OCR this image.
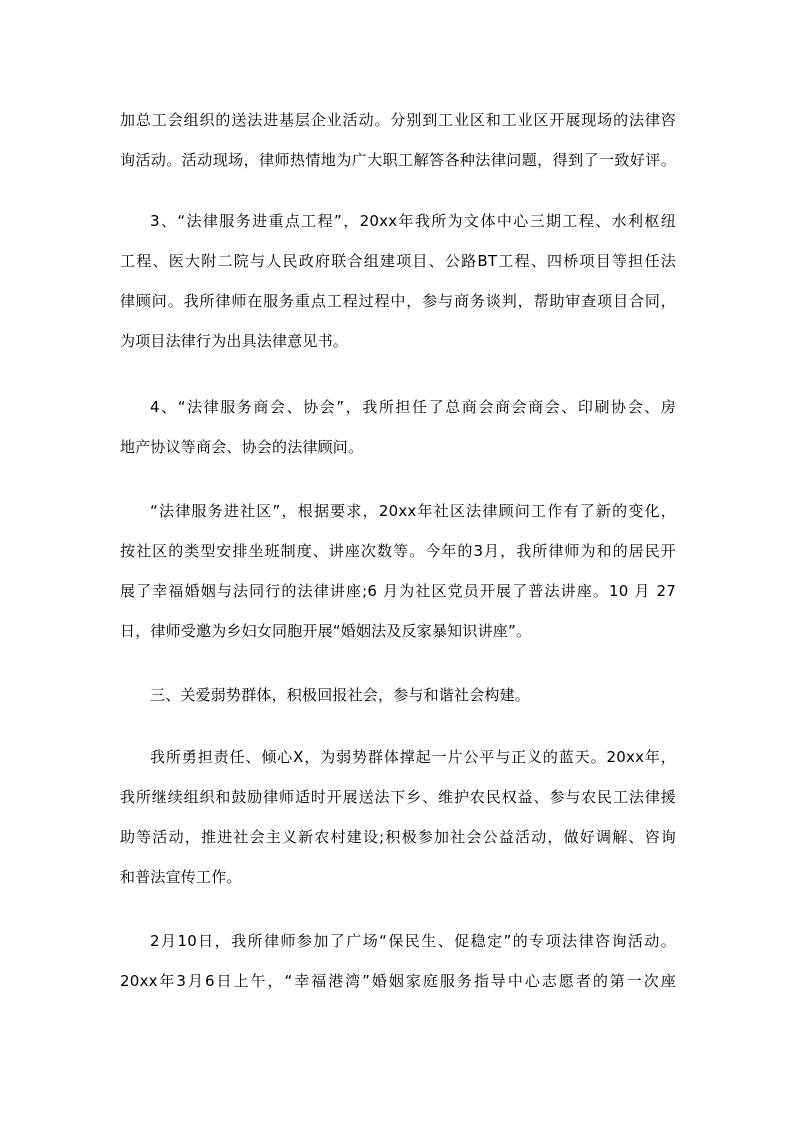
加总工会组织的送法进基层企业活动。分别到工业区和工业区开展现场的法律咨
询活动。活动现场，律师热情地为广大职工解答各种法律问题，得到了一致好评。
3、“法律服务进重点工程”，20xx年我所为文体中心三期工程、水利枢纽
工程、医大附二院与人民政府联合组建项目、公路BT工程、四桥项目等担任法
律顾问。我所律师在服务重点工程过程中，参与商务谈判，帮助审查项目合同，
为项目法律行为出具法律意见书。
4、“法律服务商会、协会”，我所担任了总商会商会商会、印刷协会、房
地产协议等商会、协会的法律顾问。
“法律服务进社区”，根据要求，20xx年社区法律顾问工作有了新的变化，
按社区的类型安排坐班制度、讲座次数等。今年的3月，我所律师为和的居民开
展了幸福婚姻与法同行的法律讲座;6 月为社区党员开展了普法讲座。10 月 27
日，律师受邀为乡妇女同胞开展“婚姻法及反家暴知识讲座”。
三、关爱弱势群体，积极回报社会，参与和谐社会构建。
我所勇担责任、倾心X，为弱势群体撑起一片公平与正义的蓝天。20xx年，
我所继续组织和鼓励律师适时开展送法下乡、维护农民权益、参与农民工法律援
助等活动，推进社会主义新农村建设;积极参加社会公益活动，做好调解、咨询
和普法宣传工作。
2月10日，我所律师参加了广场“保民生、促稳定”的专项法律咨询活动。
20xx年3月6日上午，“幸福港湾”婚姻家庭服务指导中心志愿者的第一次座
